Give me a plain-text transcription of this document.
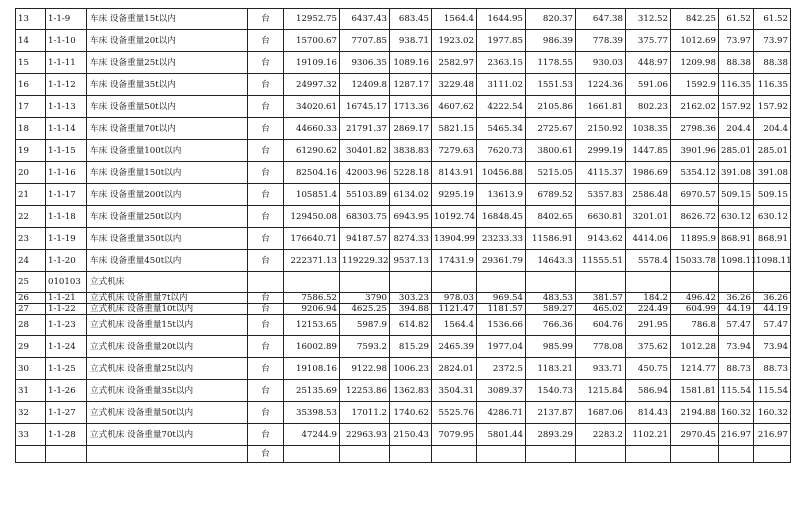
13	1-1-9	车床 设备重量15t以内	台	12952.75	6437.43	683.45	1564.4	1644.95	820.37	647.38	312.52	842.25	61.52	61.52
14	1-1-10	车床 设备重量20t以内	台	15700.67	7707.85	938.71	1923.02	1977.85	986.39	778.39	375.77	1012.69	73.97	73.97
15	1-1-11	车床 设备重量25t以内	台	19109.16	9306.35	1089.16	2582.97	2363.15	1178.55	930.03	448.97	1209.98	88.38	88.38
16	1-1-12	车床 设备重量35t以内	台	24997.32	12409.8	1287.17	3229.48	3111.02	1551.53	1224.36	591.06	1592.9	116.35	116.35
17	1-1-13	车床 设备重量50t以内	台	34020.61	16745.17	1713.36	4607.62	4222.54	2105.86	1661.81	802.23	2162.02	157.92	157.92
18	1-1-14	车床 设备重量70t以内	台	44660.33	21791.37	2869.17	5821.15	5465.34	2725.67	2150.92	1038.35	2798.36	204.4	204.4
19	1-1-15	车床 设备重量100t以内	台	61290.62	30401.82	3838.83	7279.63	7620.73	3800.61	2999.19	1447.85	3901.96	285.01	285.01
20	1-1-16	车床 设备重量150t以内	台	82504.16	42003.96	5228.18	8143.91	10456.88	5215.05	4115.37	1986.69	5354.12	391.08	391.08
21	1-1-17	车床 设备重量200t以内	台	105851.4	55103.89	6134.02	9295.19	13613.9	6789.52	5357.83	2586.48	6970.57	509.15	509.15
22	1-1-18	车床 设备重量250t以内	台	129450.08	68303.75	6943.95	10192.74	16848.45	8402.65	6630.81	3201.01	8626.72	630.12	630.12
23	1-1-19	车床 设备重量350t以内	台	176640.71	94187.57	8274.33	13904.99	23233.33	11586.91	9143.62	4414.06	11895.9	868.91	868.91
24	1-1-20	车床 设备重量450t以内	台	222371.13	119229.32	9537.13	17431.9	29361.79	14643.3	11555.51	5578.4	15033.78	1098.11	1098.11
25	010103	立式机床												
26	1-1-21	立式机床 设备重量7t以内	台	7586.52	3790	303.23	978.03	969.54	483.53	381.57	184.2	496.42	36.26	36.26
27	1-1-22	立式机床 设备重量10t以内	台	9206.94	4625.25	394.88	1121.47	1181.57	589.27	465.02	224.49	604.99	44.19	44.19
28	1-1-23	立式机床 设备重量15t以内	台	12153.65	5987.9	614.82	1564.4	1536.66	766.36	604.76	291.95	786.8	57.47	57.47
29	1-1-24	立式机床 设备重量20t以内	台	16002.89	7593.2	815.29	2465.39	1977.04	985.99	778.08	375.62	1012.28	73.94	73.94
30	1-1-25	立式机床 设备重量25t以内	台	19108.16	9122.98	1006.23	2824.01	2372.5	1183.21	933.71	450.75	1214.77	88.73	88.73
31	1-1-26	立式机床 设备重量35t以内	台	25135.69	12253.86	1362.83	3504.31	3089.37	1540.73	1215.84	586.94	1581.81	115.54	115.54
32	1-1-27	立式机床 设备重量50t以内	台	35398.53	17011.2	1740.62	5525.76	4286.71	2137.87	1687.06	814.43	2194.88	160.32	160.32
33	1-1-28	立式机床 设备重量70t以内	台	47244.9	22963.93	2150.43	7079.95	5801.44	2893.29	2283.2	1102.21	2970.45	216.97	216.97
			台											
